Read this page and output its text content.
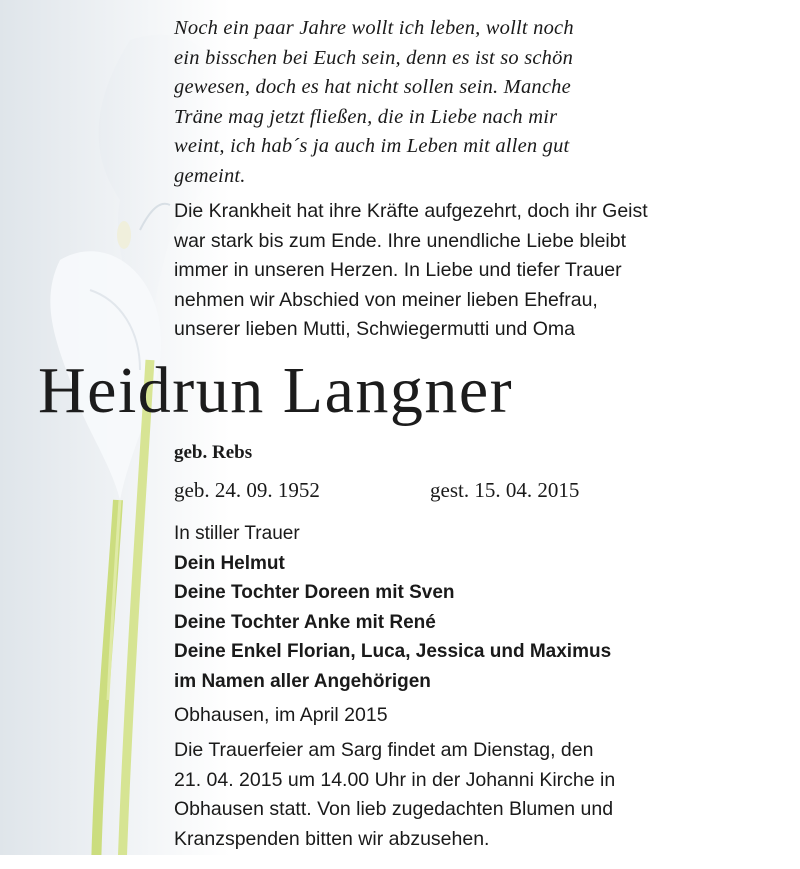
Noch ein paar Jahre wollt ich leben, wollt noch
ein bisschen bei Euch sein, denn es ist so schön
gewesen, doch es hat nicht sollen sein. Manche
Träne mag jetzt fließen, die in Liebe nach mir
weint, ich hab´s ja auch im Leben mit allen gut
gemeint.
Die Krankheit hat ihre Kräfte aufgezehrt, doch ihr Geist
war stark bis zum Ende. Ihre unendliche Liebe bleibt
immer in unseren Herzen. In Liebe und tiefer Trauer
nehmen wir Abschied von meiner lieben Ehefrau,
unserer lieben Mutti, Schwiegermutti und Oma
Heidrun Langner
geb. Rebs
geb. 24. 09. 1952	gest. 15. 04. 2015
In stiller Trauer
Dein Helmut
Deine Tochter Doreen mit Sven
Deine Tochter Anke mit René
Deine Enkel Florian, Luca, Jessica und Maximus
im Namen aller Angehörigen
Obhausen, im April 2015
Die Trauerfeier am Sarg findet am Dienstag, den
21. 04. 2015 um 14.00 Uhr in der Johanni Kirche in
Obhausen statt. Von lieb zugedachten Blumen und
Kranzspenden bitten wir abzusehen.
